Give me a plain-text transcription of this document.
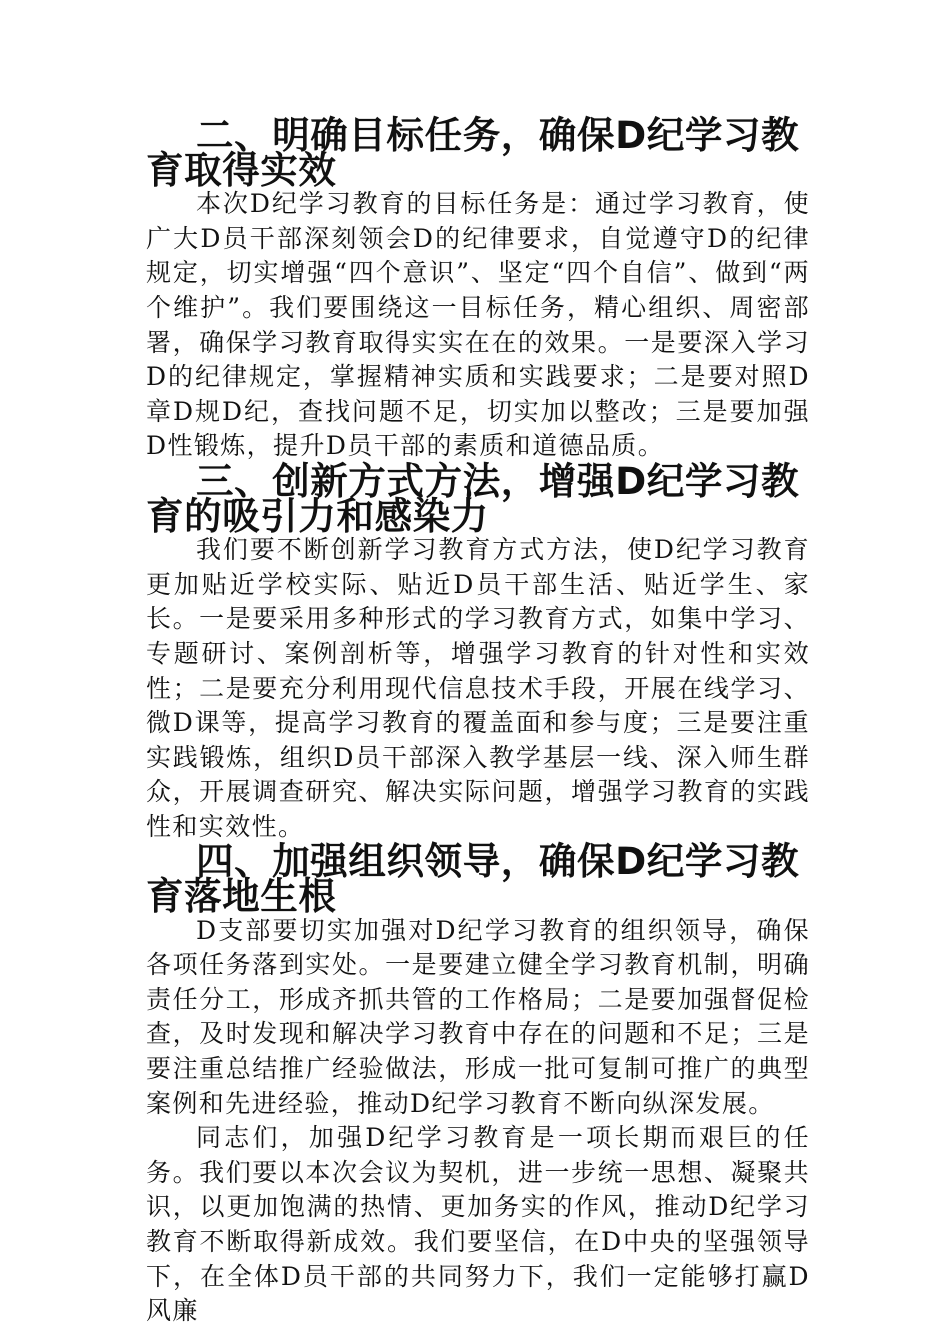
二、明确目标任务，确保D纪学习教育取得实效

本次D纪学习教育的目标任务是：通过学习教育，使广大D员干部深刻领会D的纪律要求，自觉遵守D的纪律规定，切实增强“四个意识”、坚定“四个自信”、做到“两个维护”。我们要围绕这一目标任务，精心组织、周密部署，确保学习教育取得实实在在的效果。一是要深入学习D的纪律规定，掌握精神实质和实践要求；二是要对照D章D规D纪，查找问题不足，切实加以整改；三是要加强D性锻炼，提升D员干部的素质和道德品质。

三、创新方式方法，增强D纪学习教育的吸引力和感染力

我们要不断创新学习教育方式方法，使D纪学习教育更加贴近学校实际、贴近D员干部生活、贴近学生、家长。一是要采用多种形式的学习教育方式，如集中学习、专题研讨、案例剖析等，增强学习教育的针对性和实效性；二是要充分利用现代信息技术手段，开展在线学习、微D课等，提高学习教育的覆盖面和参与度；三是要注重实践锻炼，组织D员干部深入教学基层一线、深入师生群众，开展调查研究、解决实际问题，增强学习教育的实践性和实效性。

四、加强组织领导，确保D纪学习教育落地生根

D支部要切实加强对D纪学习教育的组织领导，确保各项任务落到实处。一是要建立健全学习教育机制，明确责任分工，形成齐抓共管的工作格局；二是要加强督促检查，及时发现和解决学习教育中存在的问题和不足；三是要注重总结推广经验做法，形成一批可复制可推广的典型案例和先进经验，推动D纪学习教育不断向纵深发展。

同志们，加强D纪学习教育是一项长期而艰巨的任务。我们要以本次会议为契机，进一步统一思想、凝聚共识，以更加饱满的热情、更加务实的作风，推动D纪学习教育不断取得新成效。我们要坚信，在D中央的坚强领导下，在全体D员干部的共同努力下，我们一定能够打赢D风廉
